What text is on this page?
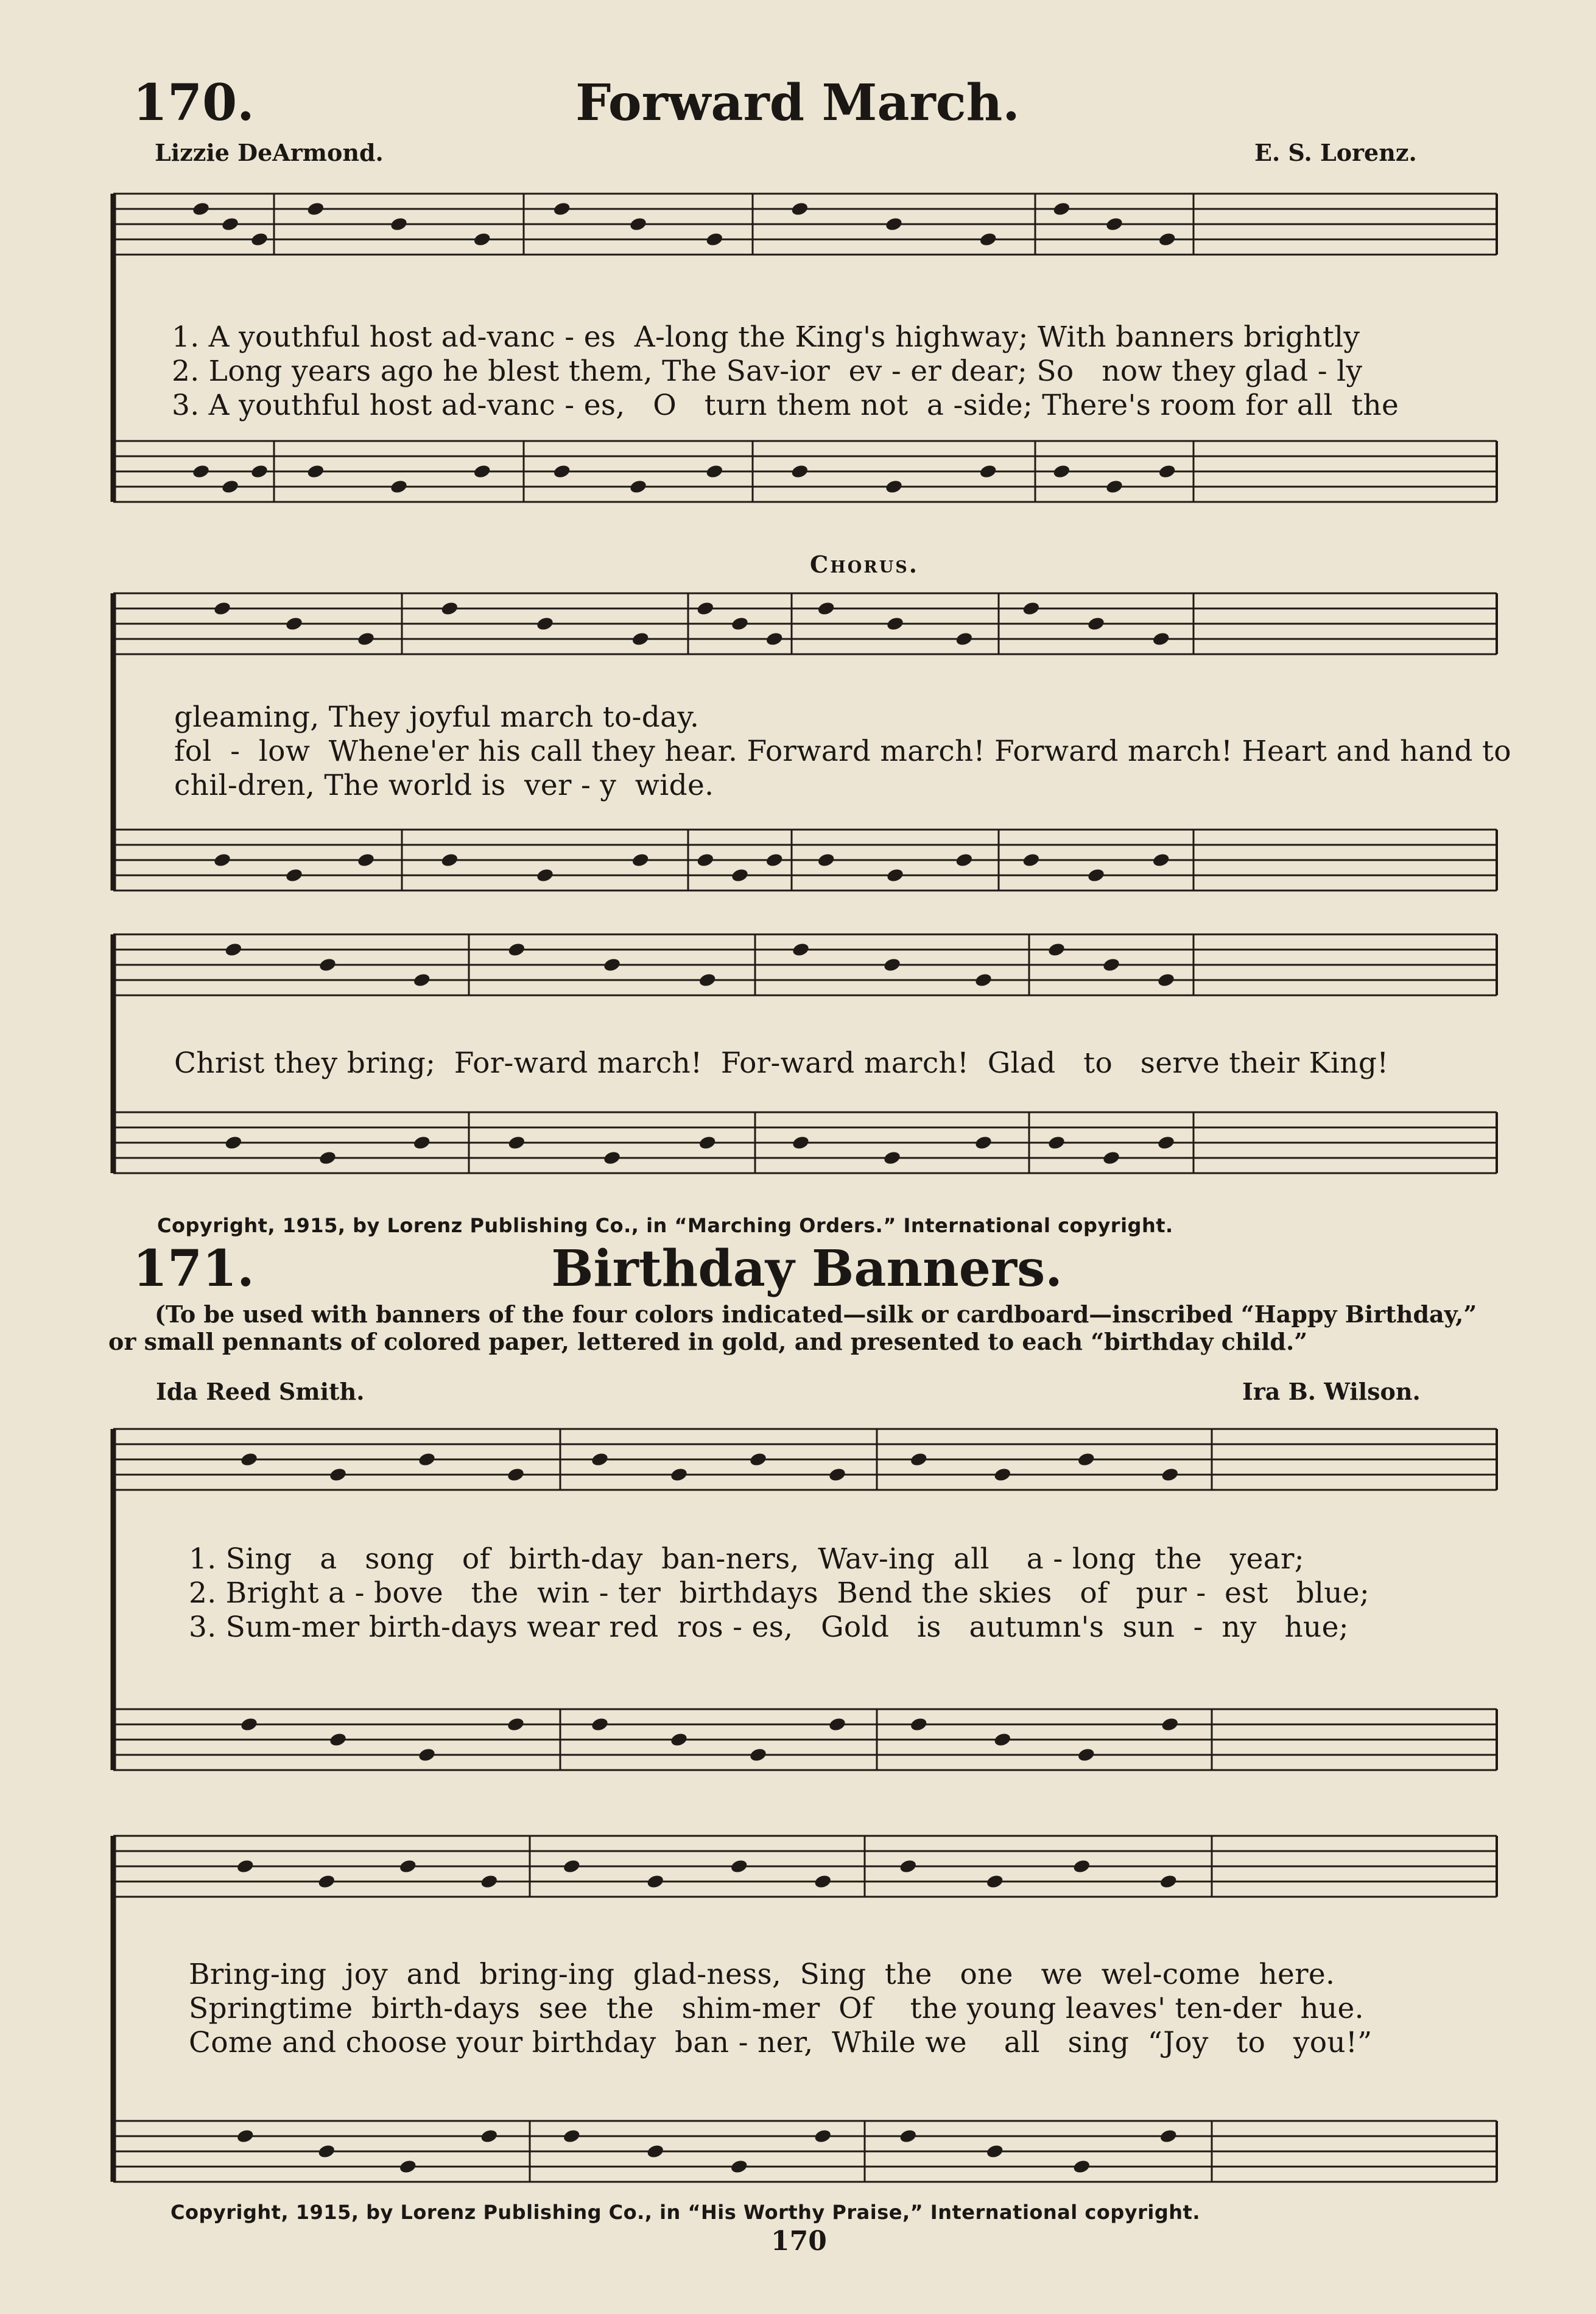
170.	Forward March.
Lizzie DeArmond.	E. S. Lorenz.
1. A youthful host ad-vanc - es  A-long the King's highway; With banners brightly
2. Long years ago he blest them, The Sav-ior  ev - er dear; So   now they glad - ly
3. A youthful host ad-vanc - es,   O   turn them not  a -side; There's room for all  the
Chorus.
gleaming, They joyful march to-day.
fol  -  low  Whene'er his call they hear. Forward march! Forward march! Heart and hand to
chil-dren, The world is  ver - y  wide.
Christ they bring;  For-ward march!  For-ward march!  Glad   to   serve their King!
Copyright, 1915, by Lorenz Publishing Co., in “Marching Orders.” International copyright.
171.	Birthday Banners.
(To be used with banners of the four colors indicated—silk or cardboard—inscribed “Happy Birthday,” or small pennants of colored paper, lettered in gold, and presented to each “birthday child.”
Ida Reed Smith.	Ira B. Wilson.
1. Sing   a   song   of  birth-day  ban-ners,  Wav-ing  all    a - long  the   year;
2. Bright a - bove   the  win - ter  birthdays  Bend the skies   of   pur -  est   blue;
3. Sum-mer birth-days wear red  ros - es,   Gold   is   autumn's  sun  -  ny   hue;
Bring-ing  joy  and  bring-ing  glad-ness,  Sing  the   one   we  wel-come  here.
Springtime  birth-days  see  the   shim-mer  Of    the young leaves' ten-der  hue.
Come and choose your birthday  ban - ner,  While we    all   sing  “Joy   to   you!”
Copyright, 1915, by Lorenz Publishing Co., in “His Worthy Praise,” International copyright.
170
